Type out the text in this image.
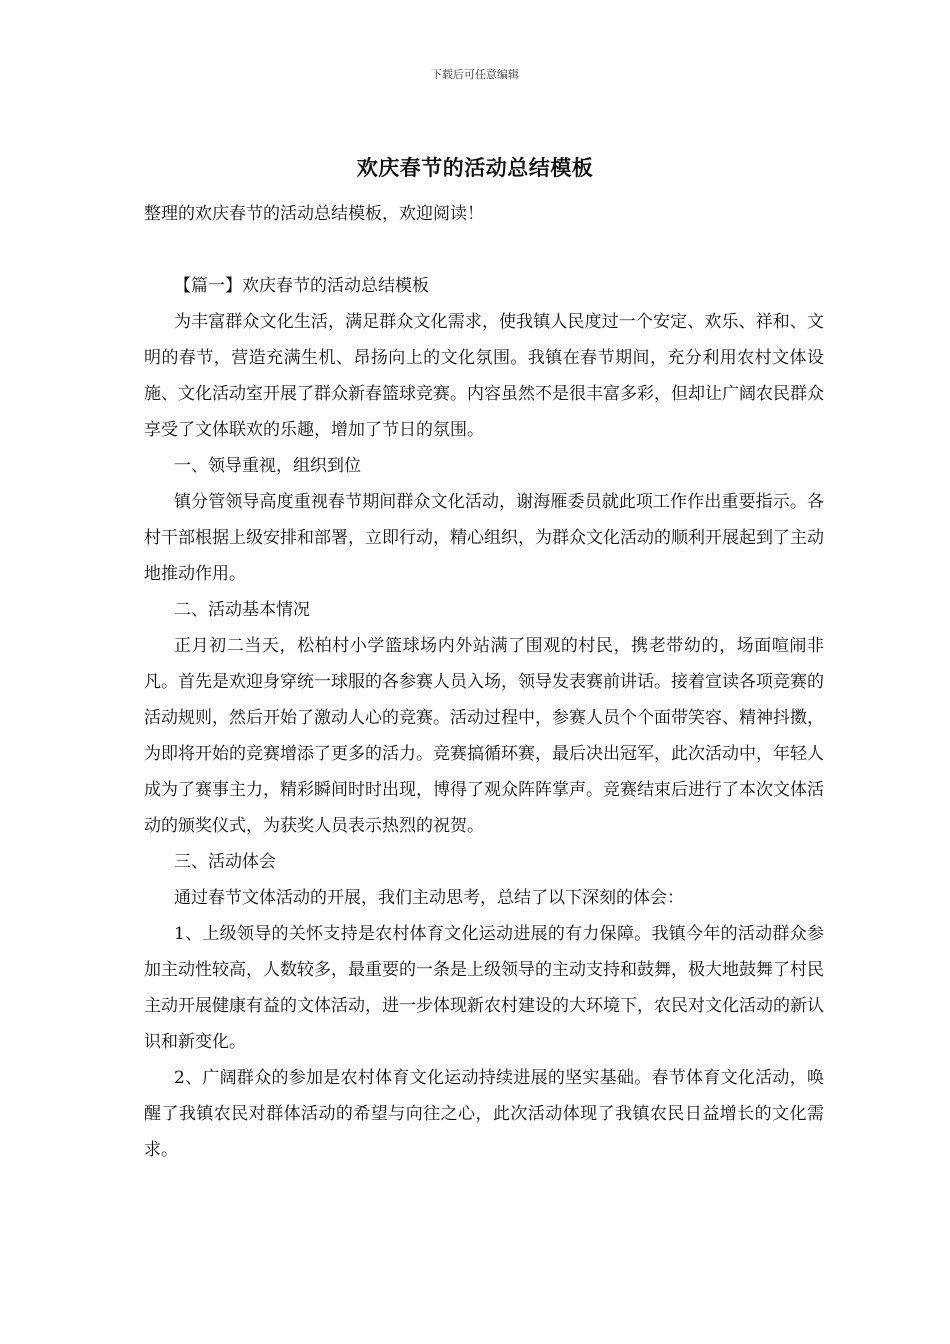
下载后可任意编辑
欢庆春节的活动总结模板

整理的欢庆春节的活动总结模板，欢迎阅读！

【篇一】欢庆春节的活动总结模板

为丰富群众文化生活，满足群众文化需求，使我镇人民度过一个安定、欢乐、祥和、文明的春节，营造充满生机、昂扬向上的文化氛围。我镇在春节期间，充分利用农村文体设施、文化活动室开展了群众新春篮球竞赛。内容虽然不是很丰富多彩，但却让广阔农民群众享受了文体联欢的乐趣，增加了节日的氛围。

一、领导重视，组织到位

镇分管领导高度重视春节期间群众文化活动，谢海雁委员就此项工作作出重要指示。各村干部根据上级安排和部署，立即行动，精心组织，为群众文化活动的顺利开展起到了主动地推动作用。

二、活动基本情况

正月初二当天，松柏村小学篮球场内外站满了围观的村民，携老带幼的，场面喧闹非凡。首先是欢迎身穿统一球服的各参赛人员入场，领导发表赛前讲话。接着宣读各项竞赛的活动规则，然后开始了激动人心的竞赛。活动过程中，参赛人员个个面带笑容、精神抖擞，为即将开始的竞赛增添了更多的活力。竞赛搞循环赛，最后决出冠军，此次活动中，年轻人成为了赛事主力，精彩瞬间时时出现，博得了观众阵阵掌声。竞赛结束后进行了本次文体活动的颁奖仪式，为获奖人员表示热烈的祝贺。

三、活动体会

通过春节文体活动的开展，我们主动思考，总结了以下深刻的体会：

1、上级领导的关怀支持是农村体育文化运动进展的有力保障。我镇今年的活动群众参加主动性较高，人数较多，最重要的一条是上级领导的主动支持和鼓舞，极大地鼓舞了村民主动开展健康有益的文体活动，进一步体现新农村建设的大环境下，农民对文化活动的新认识和新变化。

2、广阔群众的参加是农村体育文化运动持续进展的坚实基础。春节体育文化活动，唤醒了我镇农民对群体活动的希望与向往之心，此次活动体现了我镇农民日益增长的文化需求。
